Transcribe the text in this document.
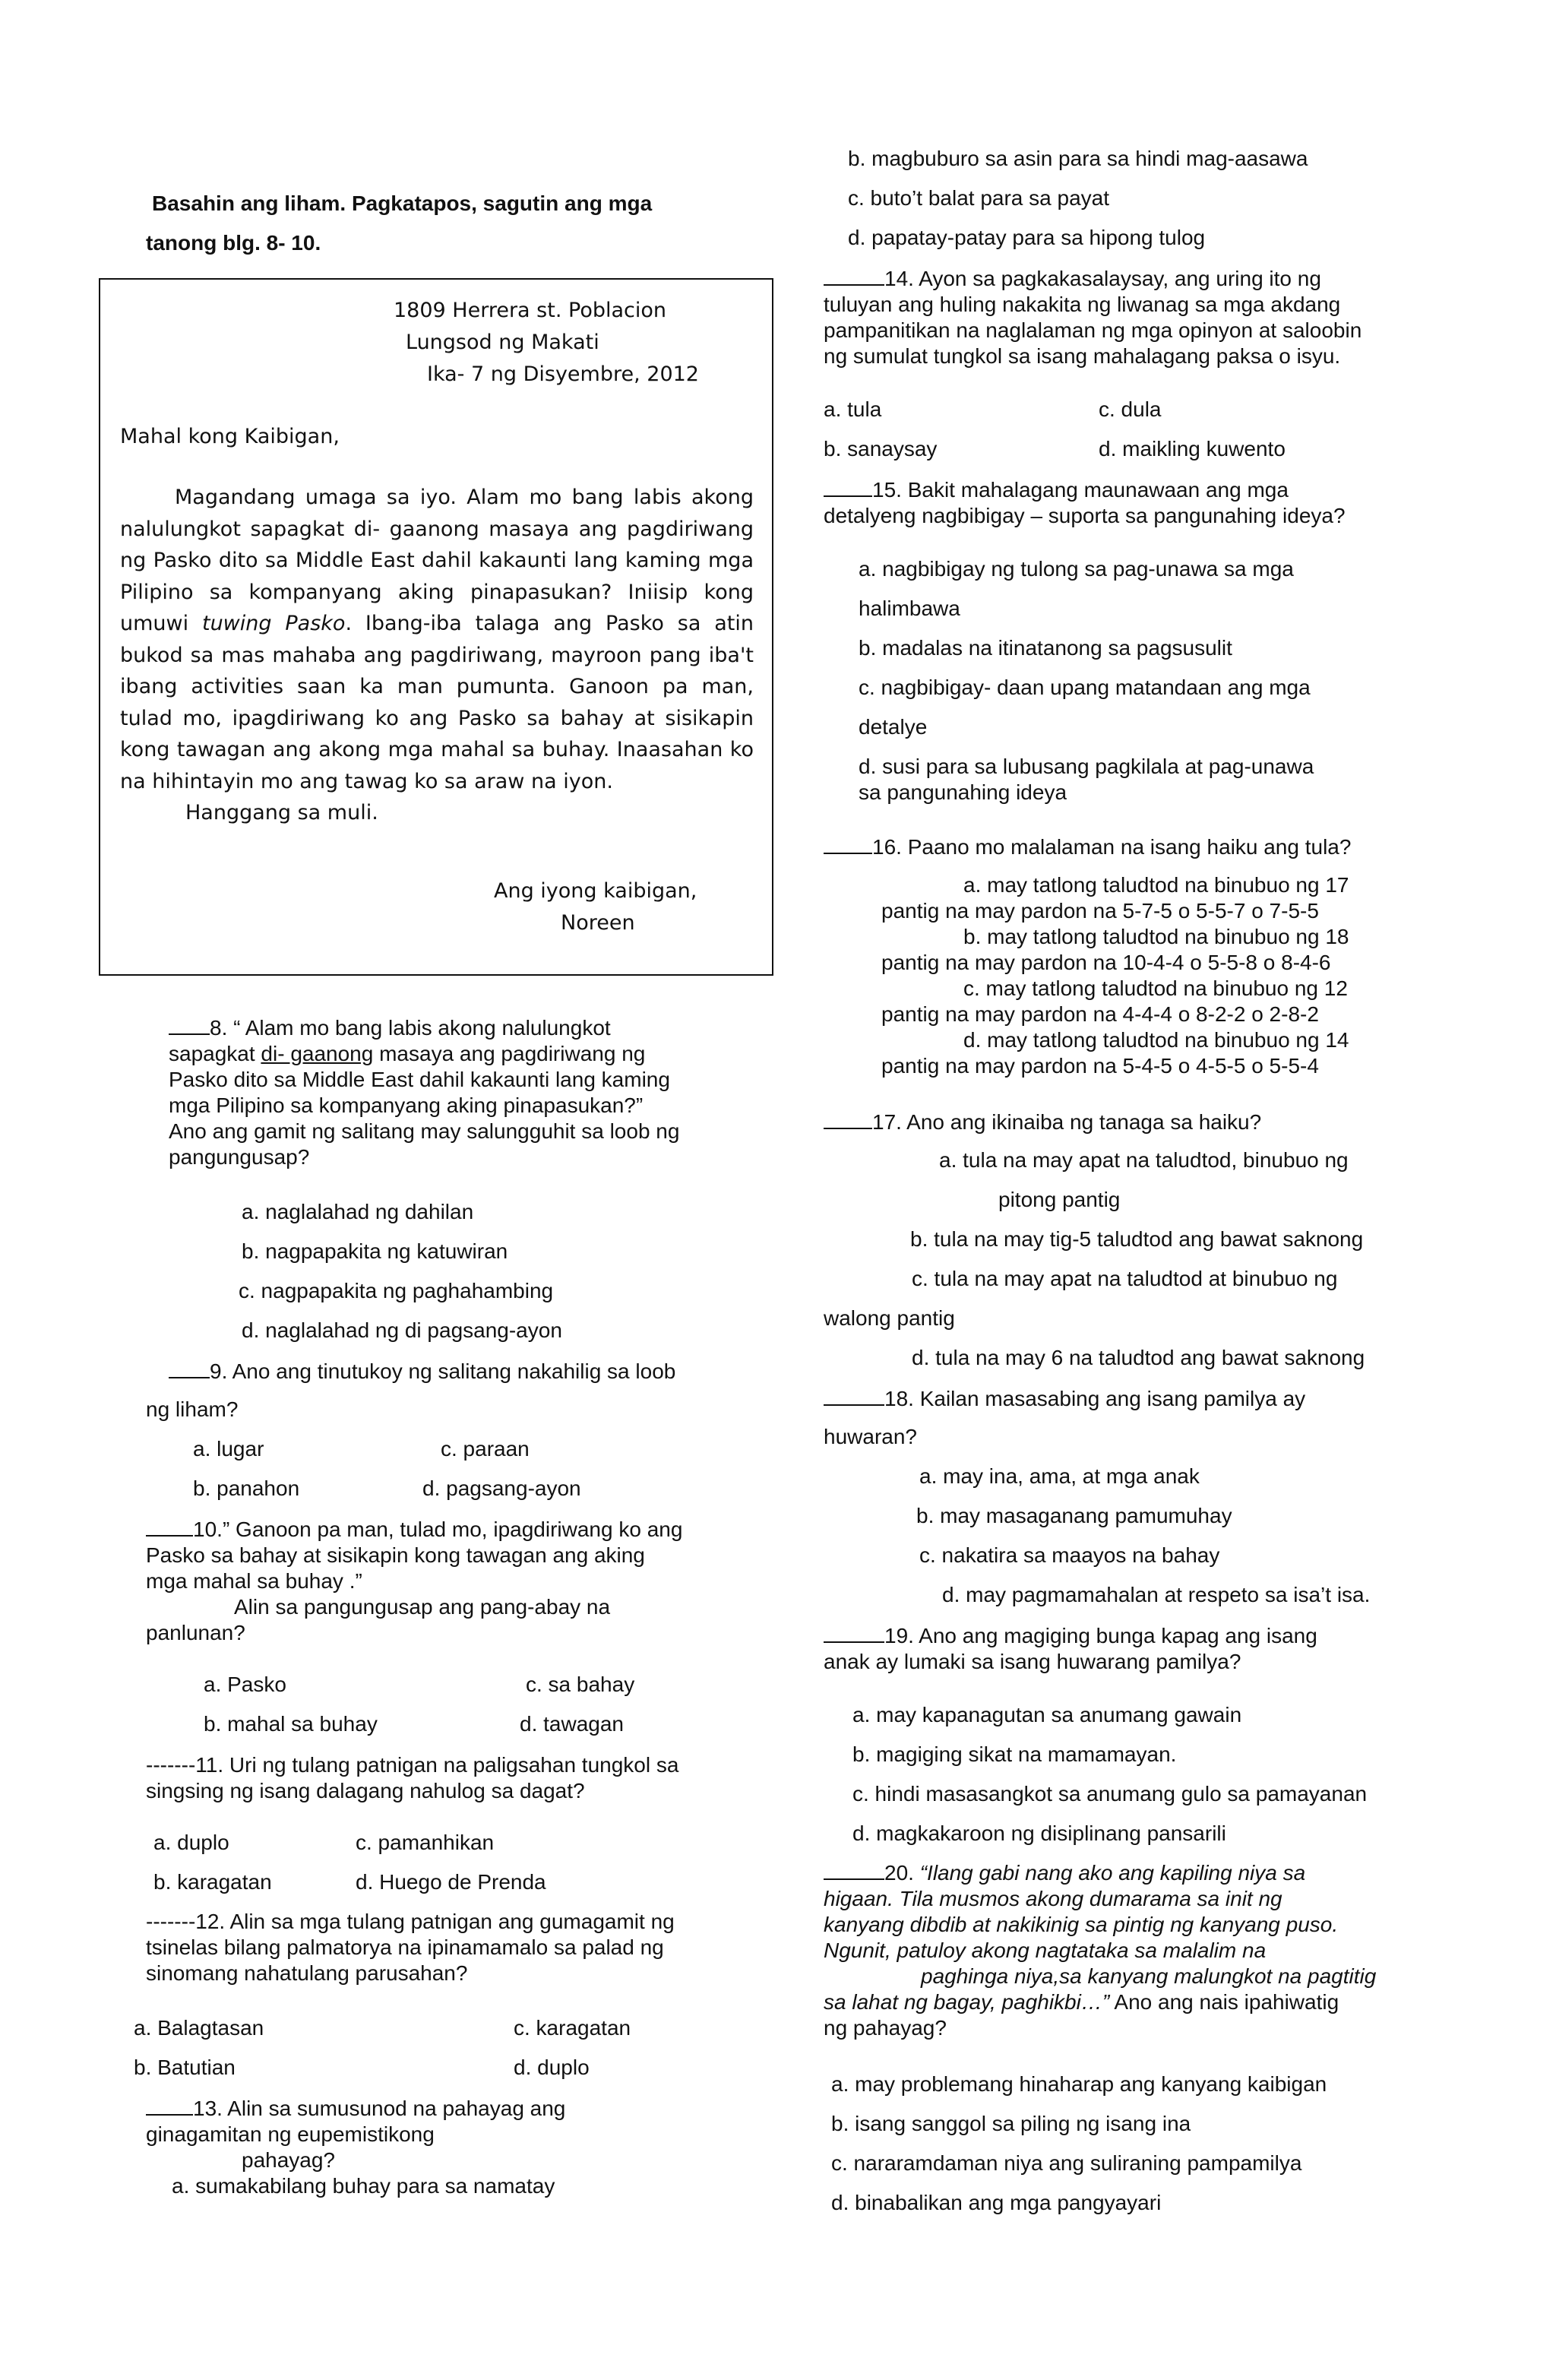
Basahin ang liham. Pagkatapos, sagutin ang mga
tanong blg. 8- 10.
1809 Herrera st. Poblacion
Lungsod ng Makati
Ika- 7 ng Disyembre, 2012
Mahal kong Kaibigan,
Magandang umaga sa iyo. Alam mo bang labis akong nalulungkot sapagkat di- gaanong masaya ang pagdiriwang ng Pasko dito sa Middle East dahil kakaunti lang kaming mga Pilipino sa kompanyang aking pinapasukan? Iniisip kong umuwi tuwing Pasko. Ibang-iba talaga ang Pasko sa atin bukod sa mas mahaba ang pagdiriwang, mayroon pang iba't ibang activities saan ka man pumunta. Ganoon pa man, tulad mo, ipagdiriwang ko ang Pasko sa bahay at sisikapin kong tawagan ang akong mga mahal sa buhay. Inaasahan ko na hihintayin mo ang tawag ko sa araw na iyon.
Hanggang sa muli.
Ang iyong kaibigan,
Noreen
8. “ Alam mo bang labis akong nalulungkot
sapagkat di- gaanong masaya ang pagdiriwang ng
Pasko dito sa Middle East dahil kakaunti lang kaming
mga Pilipino sa kompanyang aking pinapasukan?”
Ano ang gamit ng salitang may salungguhit sa loob ng
pangungusap?
a. naglalahad ng dahilan
b. nagpapakita ng katuwiran
c. nagpapakita ng paghahambing
d. naglalahad ng di pagsang-ayon
9. Ano ang tinutukoy ng salitang nakahilig sa loob
ng liham?
a. lugar	c. paraan
b. panahon	d. pagsang-ayon
10.” Ganoon pa man, tulad mo, ipagdiriwang ko ang
Pasko sa bahay at sisikapin kong tawagan ang aking
mga mahal sa buhay .”
Alin sa pangungusap ang pang-abay na
panlunan?
a. Pasko	c. sa bahay
b. mahal sa buhay	d. tawagan
-------11. Uri ng tulang patnigan na paligsahan tungkol sa
singsing ng isang dalagang nahulog sa dagat?
a. duplo	c. pamanhikan
b. karagatan	d. Huego de Prenda
-------12. Alin sa mga tulang patnigan ang gumagamit ng
tsinelas bilang palmatorya na ipinamamalo sa palad ng
sinomang nahatulang parusahan?
a. Balagtasan	c. karagatan
b. Batutian	d. duplo
13. Alin sa sumusunod na pahayag ang
ginagamitan ng eupemistikong
pahayag?
a. sumakabilang buhay para sa namatay
b. magbuburo sa asin para sa hindi mag-aasawa
c. buto’t balat para sa payat
d. papatay-patay para sa hipong tulog
14. Ayon sa pagkakasalaysay, ang uring ito ng
tuluyan ang huling nakakita ng liwanag sa mga akdang
pampanitikan na naglalaman ng mga opinyon at saloobin
ng sumulat tungkol sa isang mahalagang paksa o isyu.
a. tula	c. dula
b. sanaysay	d. maikling kuwento
15. Bakit mahalagang maunawaan ang mga
detalyeng nagbibigay – suporta sa pangunahing ideya?
a. nagbibigay ng tulong sa pag-unawa sa mga
halimbawa
b. madalas na itinatanong sa pagsusulit
c. nagbibigay- daan upang matandaan ang mga
detalye
d. susi para sa lubusang pagkilala at pag-unawa
sa pangunahing ideya
16. Paano mo malalaman na isang haiku ang tula?
a. may tatlong taludtod na binubuo ng 17
pantig na may pardon na 5-7-5 o 5-5-7 o 7-5-5
b. may tatlong taludtod na binubuo ng 18
pantig na may pardon na 10-4-4 o 5-5-8 o 8-4-6
c. may tatlong taludtod na binubuo ng 12
pantig na may pardon na 4-4-4 o 8-2-2 o 2-8-2
d. may tatlong taludtod na binubuo ng 14
pantig na may pardon na 5-4-5 o 4-5-5 o 5-5-4
17. Ano ang ikinaiba ng tanaga sa haiku?
a. tula na may apat na taludtod, binubuo ng
pitong pantig
b. tula na may tig-5 taludtod ang bawat saknong
c. tula na may apat na taludtod at binubuo ng
walong pantig
d. tula na may 6 na taludtod ang bawat saknong
18. Kailan masasabing ang isang pamilya ay
huwaran?
a. may ina, ama, at mga anak
b. may masaganang pamumuhay
c. nakatira sa maayos na bahay
d. may pagmamahalan at respeto sa isa’t isa.
19. Ano ang magiging bunga kapag ang isang
anak ay lumaki sa isang huwarang pamilya?
a. may kapanagutan sa anumang gawain
b. magiging sikat na mamamayan.
c. hindi masasangkot sa anumang gulo sa pamayanan
d. magkakaroon ng disiplinang pansarili
20. “Ilang gabi nang ako ang kapiling niya sa
higaan. Tila musmos akong dumarama sa init ng
kanyang dibdib at nakikinig sa pintig ng kanyang puso.
Ngunit, patuloy akong nagtataka sa malalim na
paghinga niya,sa kanyang malungkot na pagtitig
sa lahat ng bagay, paghikbi…” Ano ang nais ipahiwatig
ng pahayag?
a. may problemang hinaharap ang kanyang kaibigan
b. isang sanggol sa piling ng isang ina
c. nararamdaman niya ang suliraning pampamilya
d. binabalikan ang mga pangyayari
